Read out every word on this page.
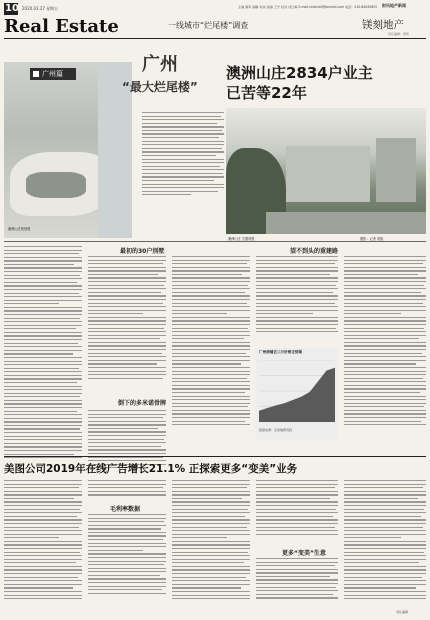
10 2020.03.27 星期五	主编 颜军 编辑 刘冰 美编 王宁 校对 何红梅 E-mail:caixinwt@foxmail.com 电话：010-84045855 财讯地产新闻
Real Estate	一线城市“烂尾楼”调查	镁刻地产
责任编辑：郑凯
澳洲山庄规划图
广州篇	广州
“最大烂尾楼”
澳洲山庄2834户业主
已苦等22年
澳洲山庄 空置别墅	摄影：记者 郑凯
最初的30户别墅
倒下的多米诺骨牌
望不到头的重建路
广州商铺近三月价格走势图
数据来源：克而瑞研究院
美图公司2019年在线广告增长21.1% 正探索更多“变美”业务
毛利率数据
更多“变美”生意
责任编辑
